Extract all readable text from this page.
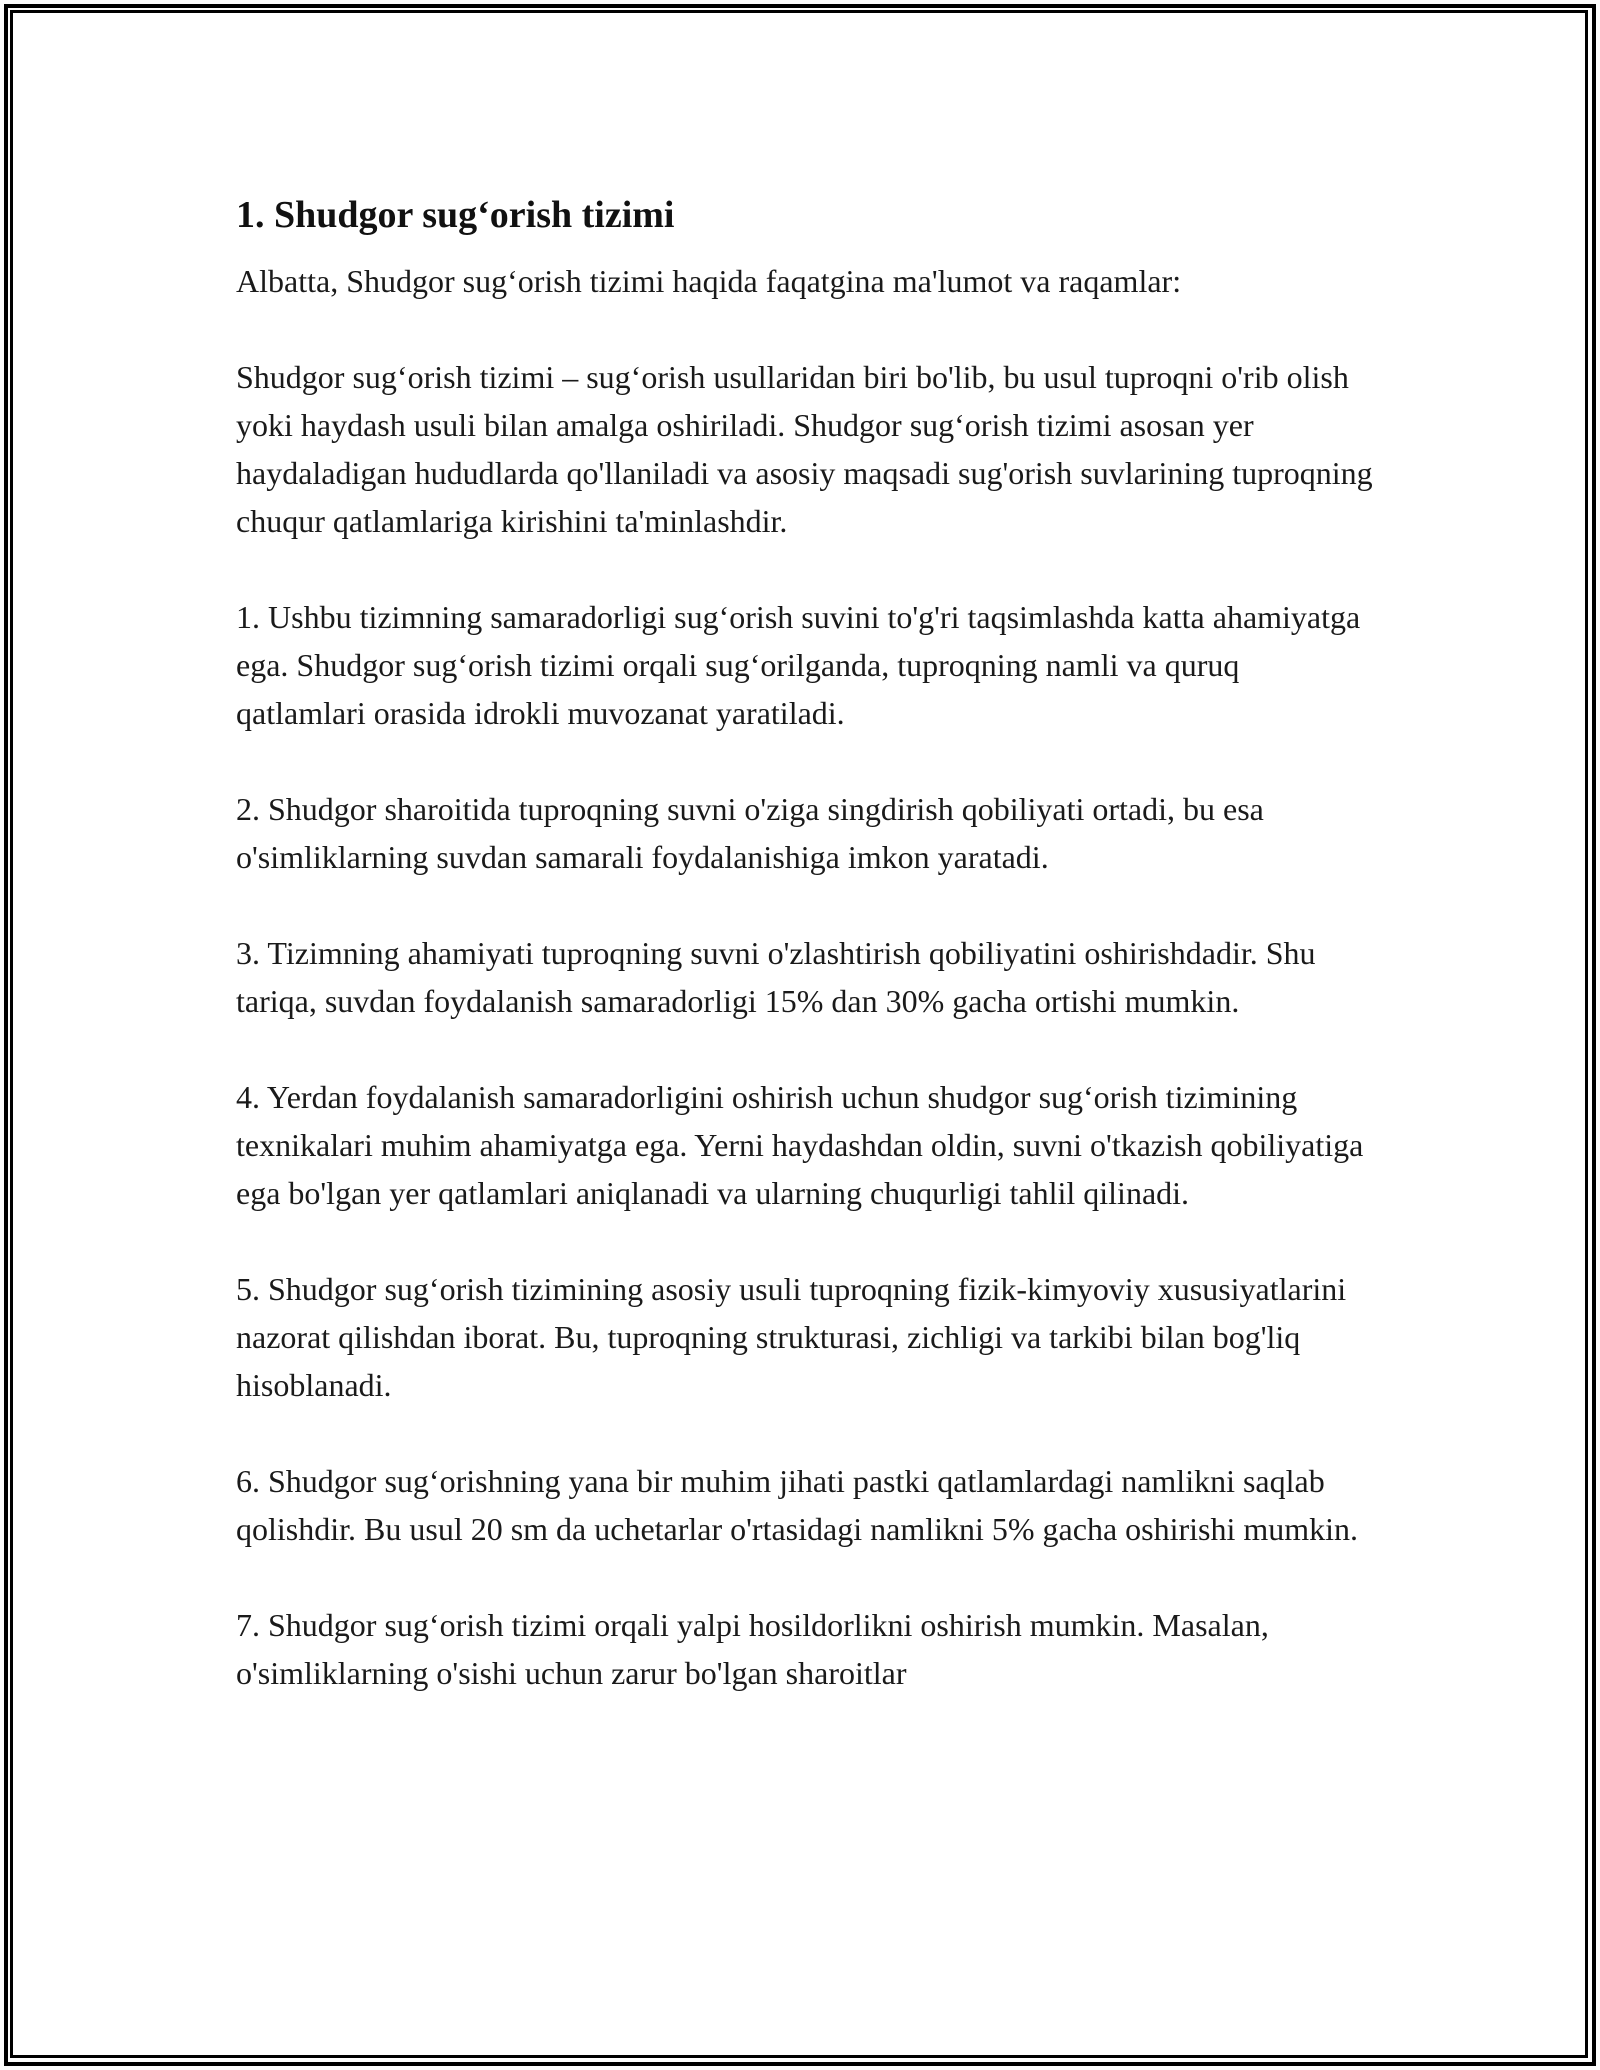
1. Shudgor sug‘orish tizimi

Albatta, Shudgor sug‘orish tizimi haqida faqatgina ma'lumot va raqamlar:

Shudgor sug‘orish tizimi – sug‘orish usullaridan biri bo'lib, bu usul tuproqni o'rib olish yoki haydash usuli bilan amalga oshiriladi. Shudgor sug‘orish tizimi asosan yer haydaladigan hududlarda qo'llaniladi va asosiy maqsadi sug'orish suvlarining tuproqning chuqur qatlamlariga kirishini ta'minlashdir.

1. Ushbu tizimning samaradorligi sug‘orish suvini to'g'ri taqsimlashda katta ahamiyatga ega. Shudgor sug‘orish tizimi orqali sug‘orilganda, tuproqning namli va quruq qatlamlari orasida idrokli muvozanat yaratiladi.

2. Shudgor sharoitida tuproqning suvni o'ziga singdirish qobiliyati ortadi, bu esa o'simliklarning suvdan samarali foydalanishiga imkon yaratadi.

3. Tizimning ahamiyati tuproqning suvni o'zlashtirish qobiliyatini oshirishdadir. Shu tariqa, suvdan foydalanish samaradorligi 15% dan 30% gacha ortishi mumkin.

4. Yerdan foydalanish samaradorligini oshirish uchun shudgor sug‘orish tizimining texnikalari muhim ahamiyatga ega. Yerni haydashdan oldin, suvni o'tkazish qobiliyatiga ega bo'lgan yer qatlamlari aniqlanadi va ularning chuqurligi tahlil qilinadi.

5. Shudgor sug‘orish tizimining asosiy usuli tuproqning fizik-kimyoviy xususiyatlarini nazorat qilishdan iborat. Bu, tuproqning strukturasi, zichligi va tarkibi bilan bog'liq hisoblanadi.

6. Shudgor sug‘orishning yana bir muhim jihati pastki qatlamlardagi namlikni saqlab qolishdir. Bu usul 20 sm da uchetarlar o'rtasidagi namlikni 5% gacha oshirishi mumkin.

7. Shudgor sug‘orish tizimi orqali yalpi hosildorlikni oshirish mumkin. Masalan, o'simliklarning o'sishi uchun zarur bo'lgan sharoitlar
